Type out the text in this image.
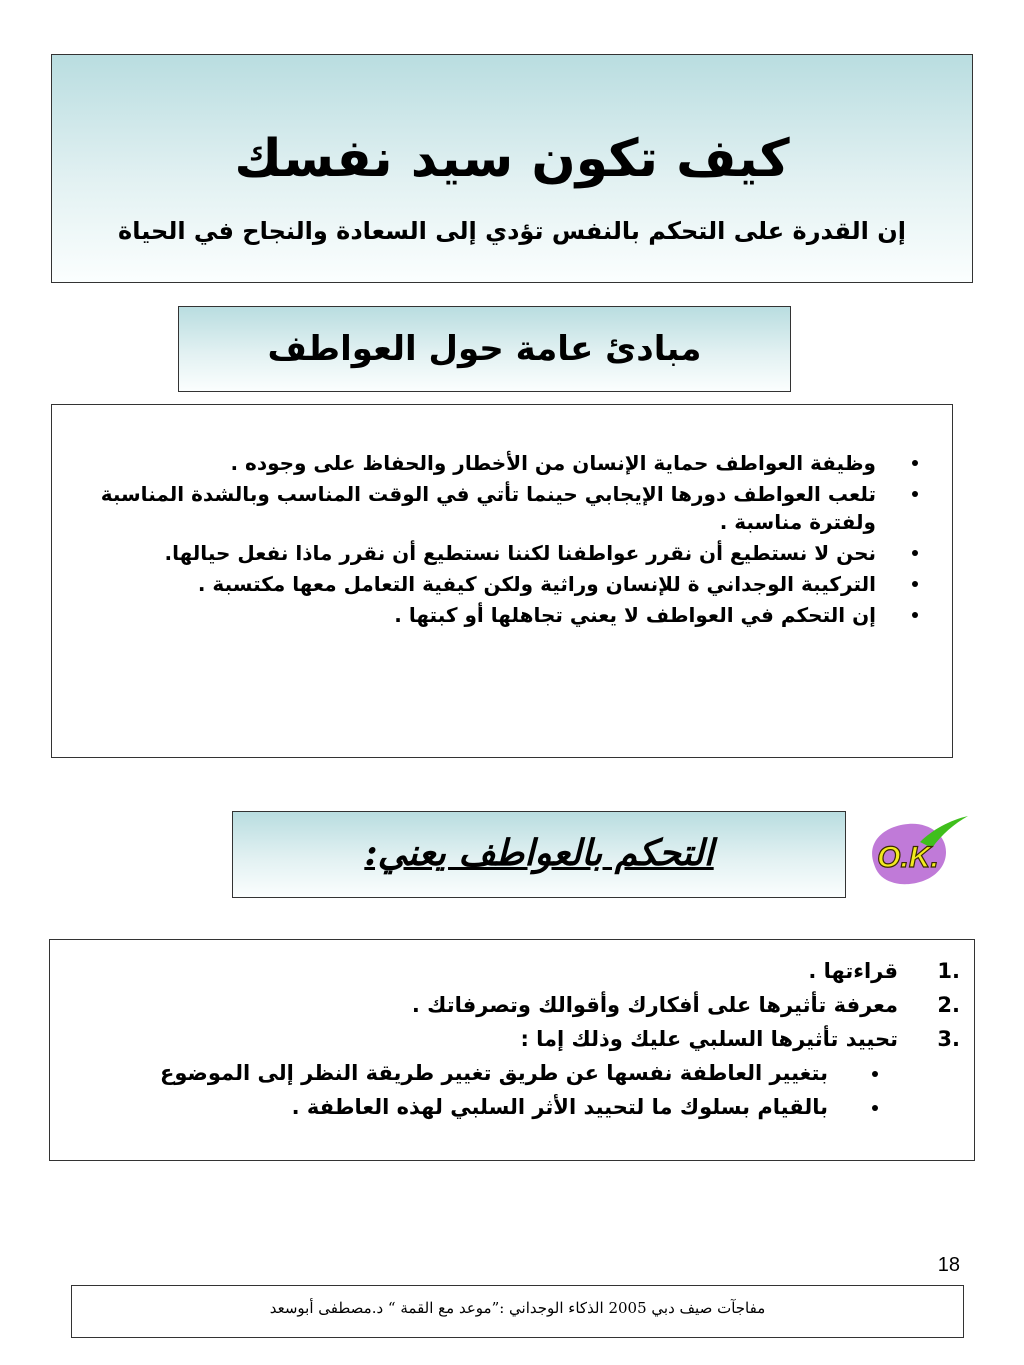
كيف تكون سيد نفسك
إن القدرة على التحكم بالنفس تؤدي إلى السعادة والنجاح في الحياة
مبادئ عامة حول العواطف
وظيفة العواطف حماية الإنسان من الأخطار والحفاظ على وجوده .
تلعب العواطف دورها الإيجابي حينما تأتي في الوقت المناسب وبالشدة المناسبة ولفترة مناسبة .
نحن لا نستطيع أن نقرر عواطفنا لكننا نستطيع أن نقرر ماذا نفعل حيالها.
التركيبة الوجداني ة للإنسان وراثية ولكن كيفية التعامل معها مكتسبة .
إن التحكم في العواطف لا يعني تجاهلها أو كبتها .
التحكم بالعواطف يعني:	O.K.
1.
قراءتها .
2.
معرفة تأثيرها على أفكارك وأقوالك وتصرفاتك .
3.
تحييد تأثيرها السلبي عليك وذلك إما :
بتغيير العاطفة نفسها عن طريق تغيير طريقة النظر إلى الموضوع
بالقيام بسلوك ما لتحييد الأثر السلبي لهذه العاطفة .
18
مفاجآت صيف دبي 2005 الذكاء الوجداني :”موعد مع القمة “ د.مصطفى أبوسعد
